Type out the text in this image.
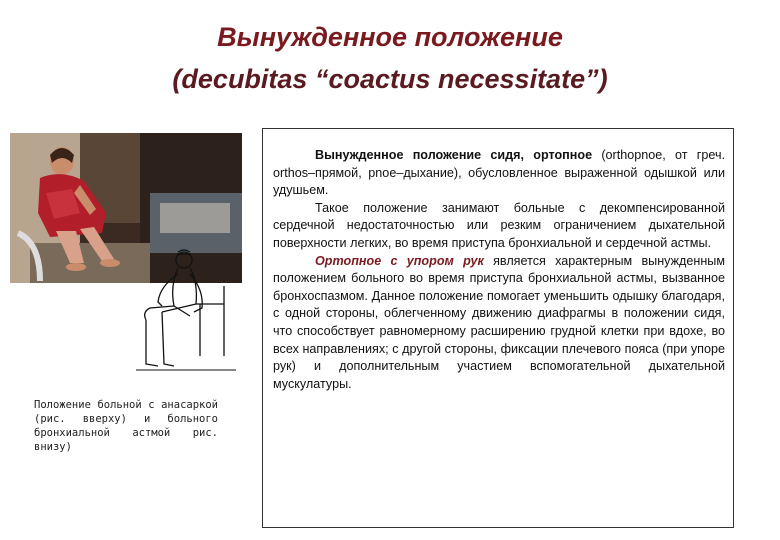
Вынужденное положение
(decubitas “coactus necessitate”)

Положение больной с анасаркой (рис. вверху) и больного бронхиальной астмой рис. внизу)

Вынужденное положение сидя, ортопное (orthopnoe, от греч. orthos–прямой, pnoe–дыхание), обусловленное выраженной одышкой или удушьем.

Такое положение занимают больные с декомпенсированной сердечной недостаточностью или резким ограничением дыхательной поверхности легких, во время приступа бронхиальной и сердечной астмы.

Ортопное с упором рук является характерным вынужденным положением больного во время приступа бронхиальной астмы, вызванное бронхоспазмом. Данное положение помогает уменьшить одышку благодаря, с одной стороны, облегченному движению диафрагмы в положении сидя, что способствует равномерному расширению грудной клетки при вдохе, во всех направлениях; с другой стороны, фиксации плечевого пояса (при упоре рук) и дополнительным участием вспомогательной дыхательной мускулатуры.
